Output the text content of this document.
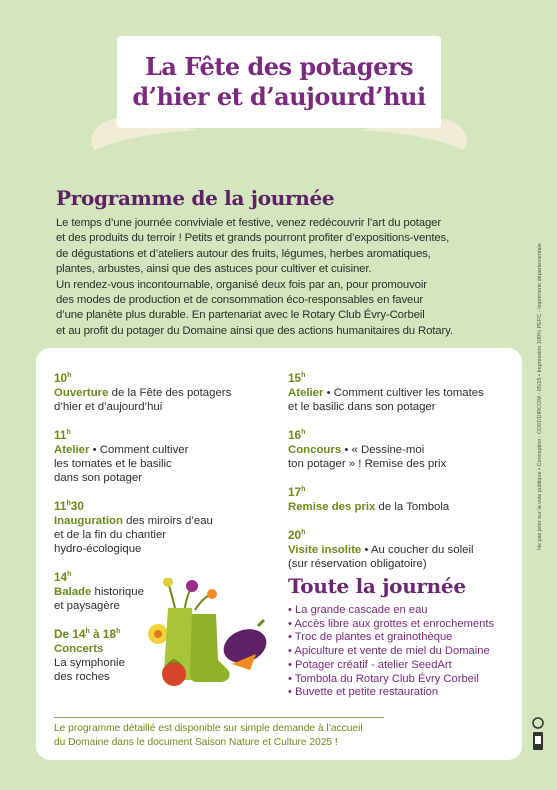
La Fête des potagers
d’hier et d’aujourd’hui
Programme de la journée

Le temps d’une journée conviviale et festive, venez redécouvrir l’art du potager

et des produits du terroir ! Petits et grands pourront profiter d’expositions-ventes,

de dégustations et d’ateliers autour des fruits, légumes, herbes aromatiques,

plantes, arbustes, ainsi que des astuces pour cultiver et cuisiner.

Un rendez-vous incontournable, organisé deux fois par an, pour promouvoir

des modes de production et de consommation éco-responsables en faveur

d’une planète plus durable. En partenariat avec le Rotary Club Évry-Corbeil

et au profit du potager du Domaine ainsi que des actions humanitaires du Rotary.

10$^h$
Ouverture de la Fête des potagers
d’hier et d’aujourd’hui
11$^h$
Atelier • Comment cultiver
les tomates et le basilic
dans son potager
11$^h$30
Inauguration des miroirs d’eau
et de la fin du chantier
hydro-écologique
14$^h$
Balade historique
et paysagère
De 14$^h$ à 18$^h$
Concerts
La symphonie
des roches
15$^h$
Atelier • Comment cultiver les tomates
et le basilic dans son potager
16$^h$
Concours • « Dessine-moi
ton potager » ! Remise des prix
17$^h$
Remise des prix de la Tombola
20$^h$
Visite insolite • Au coucher du soleil
(sur réservation obligatoire)
Toute la journée
• La grande cascade en eau
• Accès libre aux grottes et enrochements
• Troc de plantes et grainothèque
• Apiculture et vente de miel du Domaine
• Potager créatif - atelier SeedArt
• Tombola du Rotary Club Évry Corbeil
• Buvette et petite restauration
Le programme détaillé est disponible sur simple demande à l’accueil
du Domaine dans le document Saison Nature et Culture 2025 !
Ne pas jeter sur la voie publique • Conception : CD91/DIRCOM - 05/25 • Impression 100% PEFC - Imprimerie départementale
